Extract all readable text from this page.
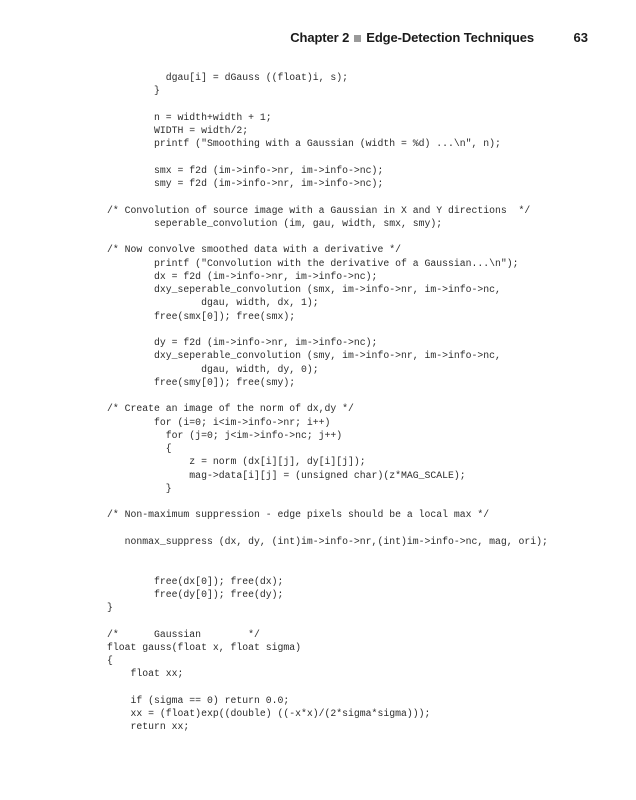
Chapter 2 Edge-Detection Techniques	63
dgau[i] = dGauss ((float)i, s);
}
n = width+width + 1;
WIDTH = width/2;
printf ("Smoothing with a Gaussian (width = %d) ...\n", n);
smx = f2d (im->info->nr, im->info->nc);
smy = f2d (im->info->nr, im->info->nc);
/* Convolution of source image with a Gaussian in X and Y directions  */
seperable_convolution (im, gau, width, smx, smy);
/* Now convolve smoothed data with a derivative */
printf ("Convolution with the derivative of a Gaussian...\n");
dx = f2d (im->info->nr, im->info->nc);
dxy_seperable_convolution (smx, im->info->nr, im->info->nc,
dgau, width, dx, 1);
free(smx[0]); free(smx);
dy = f2d (im->info->nr, im->info->nc);
dxy_seperable_convolution (smy, im->info->nr, im->info->nc,
dgau, width, dy, 0);
free(smy[0]); free(smy);
/* Create an image of the norm of dx,dy */
for (i=0; i<im->info->nr; i++)
for (j=0; j<im->info->nc; j++)
{
z = norm (dx[i][j], dy[i][j]);
mag->data[i][j] = (unsigned char)(z*MAG_SCALE);
}
/* Non-maximum suppression - edge pixels should be a local max */
nonmax_suppress (dx, dy, (int)im->info->nr,(int)im->info->nc, mag, ori);
free(dx[0]); free(dx);
free(dy[0]); free(dy);
}
/*      Gaussian        */
float gauss(float x, float sigma)
{
float xx;
if (sigma == 0) return 0.0;
xx = (float)exp((double) ((-x*x)/(2*sigma*sigma)));
return xx;
